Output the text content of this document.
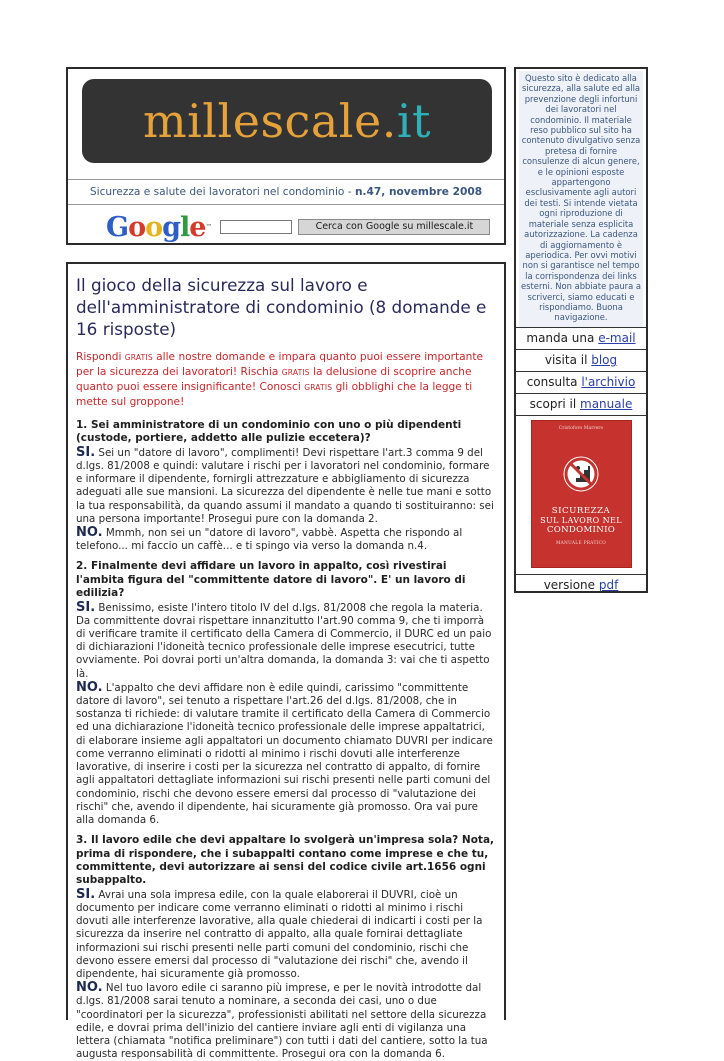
millescale.it
Sicurezza e salute dei lavoratori nel condominio - n.47, novembre 2008
Google ™	Cerca con Google su millescale.it
Il gioco della sicurezza sul lavoro e dell'amministratore di condominio (8 domande e 16 risposte)

Rispondi GRATIS alle nostre domande e impara quanto puoi essere importante per la sicurezza dei lavoratori! Rischia GRATIS la delusione di scoprire anche quanto puoi essere insignificante! Conosci GRATIS gli obblighi che la legge ti mette sul groppone!

1. Sei amministratore di un condominio con uno o più dipendenti (custode, portiere, addetto alle pulizie eccetera)?

SI. Sei un "datore di lavoro", complimenti! Devi rispettare l'art.3 comma 9 del d.lgs. 81/2008 e quindi: valutare i rischi per i lavoratori nel condominio, formare e informare il dipendente, fornirgli attrezzature e abbigliamento di sicurezza adeguati alle sue mansioni. La sicurezza del dipendente è nelle tue mani e sotto la tua responsabilità, da quando assumi il mandato a quando ti sostituiranno: sei una persona importante! Prosegui pure con la domanda 2.

NO. Mmmh, non sei un "datore di lavoro", vabbè. Aspetta che rispondo al telefono... mi faccio un caffè... e ti spingo via verso la domanda n.4.

2. Finalmente devi affidare un lavoro in appalto, così rivestirai l'ambita figura del "committente datore di lavoro". E' un lavoro di edilizia?

SI. Benissimo, esiste l'intero titolo IV del d.lgs. 81/2008 che regola la materia. Da committente dovrai rispettare innanzitutto l'art.90 comma 9, che ti imporrà di verificare tramite il certificato della Camera di Commercio, il DURC ed un paio di dichiarazioni l'idoneità tecnico professionale delle imprese esecutrici, tutte ovviamente. Poi dovrai porti un'altra domanda, la domanda 3: vai che ti aspetto là.

NO. L'appalto che devi affidare non è edile quindi, carissimo "committente datore di lavoro", sei tenuto a rispettare l'art.26 del d.lgs. 81/2008, che in sostanza ti richiede: di valutare tramite il certificato della Camera di Commercio ed una dichiarazione l'idoneità tecnico professionale delle imprese appaltatrici, di elaborare insieme agli appaltatori un documento chiamato DUVRI per indicare come verranno eliminati o ridotti al minimo i rischi dovuti alle interferenze lavorative, di inserire i costi per la sicurezza nel contratto di appalto, di fornire agli appaltatori dettagliate informazioni sui rischi presenti nelle parti comuni del condominio, rischi che devono essere emersi dal processo di "valutazione dei rischi" che, avendo il dipendente, hai sicuramente già promosso. Ora vai pure alla domanda 6.

3. Il lavoro edile che devi appaltare lo svolgerà un'impresa sola? Nota, prima di rispondere, che i subappalti contano come imprese e che tu, committente, devi autorizzare ai sensi del codice civile art.1656 ogni subappalto.

SI. Avrai una sola impresa edile, con la quale elaborerai il DUVRI, cioè un documento per indicare come verranno eliminati o ridotti al minimo i rischi dovuti alle interferenze lavorative, alla quale chiederai di indicarti i costi per la sicurezza da inserire nel contratto di appalto, alla quale fornirai dettagliate informazioni sui rischi presenti nelle parti comuni del condominio, rischi che devono essere emersi dal processo di "valutazione dei rischi" che, avendo il dipendente, hai sicuramente già promosso.

NO. Nel tuo lavoro edile ci saranno più imprese, e per le novità introdotte dal d.lgs. 81/2008 sarai tenuto a nominare, a seconda dei casi, uno o due "coordinatori per la sicurezza", professionisti abilitati nel settore della sicurezza edile, e dovrai prima dell'inizio del cantiere inviare agli enti di vigilanza una lettera (chiamata "notifica preliminare") con tutti i dati del cantiere, sotto la tua augusta responsabilità di committente. Prosegui ora con la domanda 6.

Questo sito è dedicato alla sicurezza, alla salute ed alla prevenzione degli infortuni dei lavoratori nel condominio. Il materiale reso pubblico sul sito ha contenuto divulgativo senza pretesa di fornire consulenze di alcun genere, e le opinioni esposte appartengono esclusivamente agli autori dei testi. Si intende vietata ogni riproduzione di materiale senza esplicita autorizzazione. La cadenza di aggiornamento è aperiodica. Per ovvi motivi non si garantisce nel tempo la corrispondenza dei links esterni. Non abbiate paura a scriverci, siamo educati e rispondiamo. Buona navigazione.
manda una e-mail
visita il blog
consulta l'archivio
scopri il manuale
Cristoforo Marrero
SICUREZZA
SUL LAVORO NEL
CONDOMINIO
MANUALE PRATICO
versione pdf
